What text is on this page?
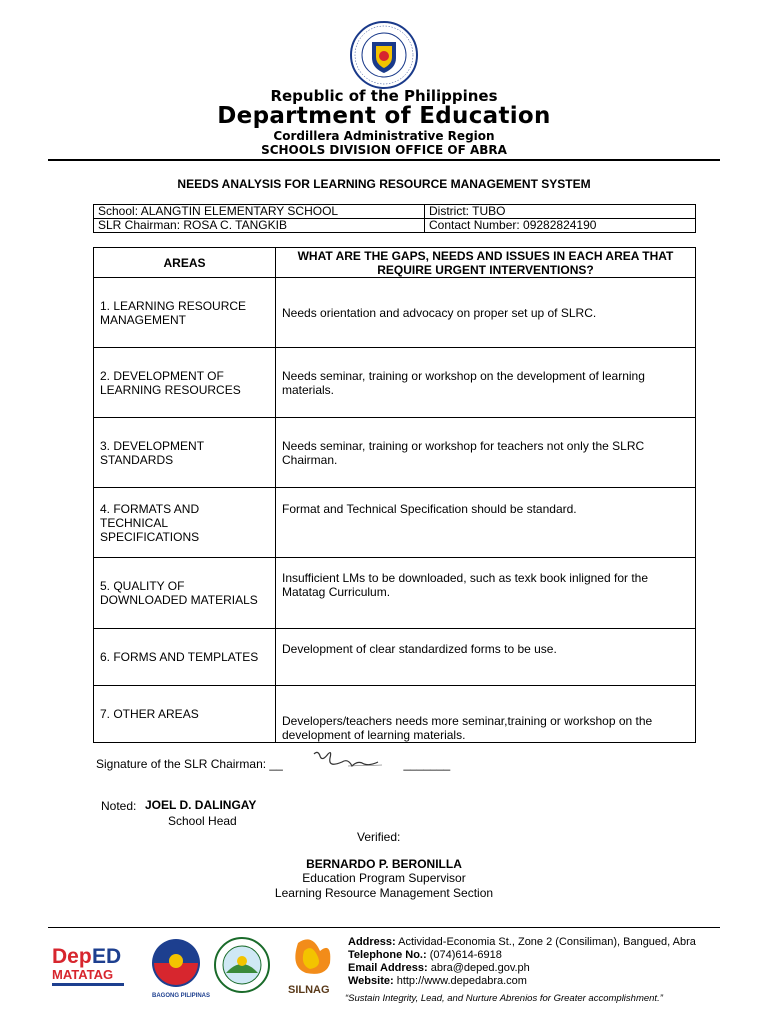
Republic of the Philippines
Department of Education
Cordillera Administrative Region
SCHOOLS DIVISION OFFICE OF ABRA
NEEDS ANALYSIS FOR LEARNING RESOURCE MANAGEMENT SYSTEM
School: ALANGTIN ELEMENTARY SCHOOL	District: TUBO
SLR Chairman: ROSA C. TANGKIB	Contact Number: 09282824190
AREAS	WHAT ARE THE GAPS, NEEDS AND ISSUES IN EACH AREA THAT REQUIRE URGENT INTERVENTIONS?
1. LEARNING RESOURCE MANAGEMENT	Needs orientation and advocacy on proper set up of SLRC.
2. DEVELOPMENT OF LEARNING RESOURCES	Needs seminar, training or workshop on the development of learning materials.
3. DEVELOPMENT STANDARDS	Needs seminar, training or workshop for teachers not only the SLRC Chairman.
4. FORMATS AND TECHNICAL SPECIFICATIONS	Format and Technical Specification should be standard.
5. QUALITY OF DOWNLOADED MATERIALS	Insufficient LMs to be downloaded, such as texk book inligned for the Matatag Curriculum.
6. FORMS AND TEMPLATES	Development of clear standardized forms to be use.
7. OTHER AREAS	Developers/teachers needs more seminar,training or workshop on the development of learning materials.
Signature of the SLR Chairman: __	_______
Noted: JOEL D. DALINGAY
School Head
Verified:
BERNARDO P. BERONILLA
Education Program Supervisor
Learning Resource Management Section
Dep ED
MATATAG
BAGONG PILIPINAS	SILNAG
Address: Actividad-Economia St., Zone 2 (Consiliman), Bangued, Abra
Telephone No.: (074)614-6918
Email Address: abra@deped.gov.ph
Website: http://www.depedabra.com
“Sustain Integrity, Lead, and Nurture Abrenios for Greater accomplishment.”
